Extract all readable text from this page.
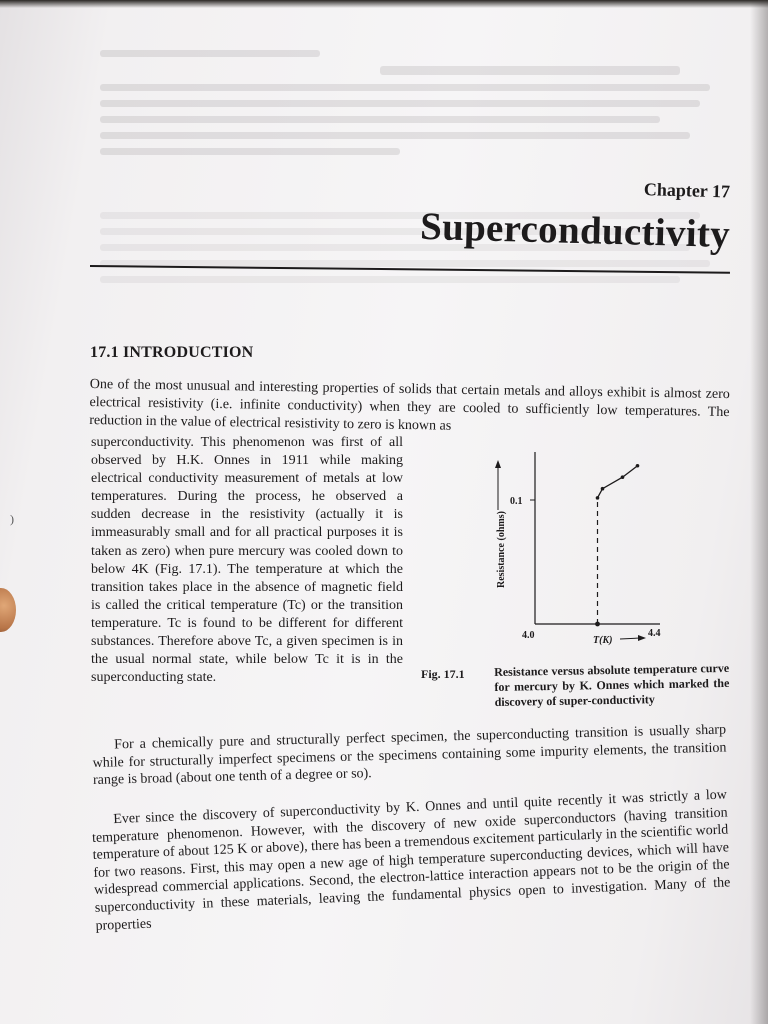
)
Chapter 17
Superconductivity
17.1 INTRODUCTION

One of the most unusual and interesting properties of solids that certain metals and alloys exhibit is almost zero electrical resistivity (i.e. infinite conductivity) when they are cooled to sufficiently low temperatures. The reduction in the value of electrical resistivity to zero is known as

superconductivity. This phenomenon was first of all observed by H.K. Onnes in 1911 while making electrical conductivity measurement of metals at low temperatures. During the process, he observed a sudden decrease in the resistivity (actually it is immeasurably small and for all practical purposes it is taken as zero) when pure mercury was cooled down to below 4K (Fig. 17.1). The temperature at which the transition takes place in the absence of magnetic field is called the critical temperature (Tc) or the transition temperature. Tc is found to be different for different substances. Therefore above Tc, a given specimen is in the usual normal state, while below Tc it is in the superconducting state.

Resistance (ohms)
0.1
4.0	4.4
T(K)
Fig. 17.1 Resistance versus absolute temperature curve for mercury by K. Onnes which marked the discovery of super-conductivity

For a chemically pure and structurally perfect specimen, the superconducting transition is usually sharp while for structurally imperfect specimens or the specimens containing some impurity elements, the transition range is broad (about one tenth of a degree or so).

Ever since the discovery of superconductivity by K. Onnes and until quite recently it was strictly a low temperature phenomenon. However, with the discovery of new oxide superconductors (having transition temperature of about 125 K or above), there has been a tremendous excitement particularly in the scientific world for two reasons. First, this may open a new age of high temperature superconducting devices, which will have widespread commercial applications. Second, the electron-lattice interaction appears not to be the origin of the superconductivity in these materials, leaving the fundamental physics open to investigation. Many of the properties
